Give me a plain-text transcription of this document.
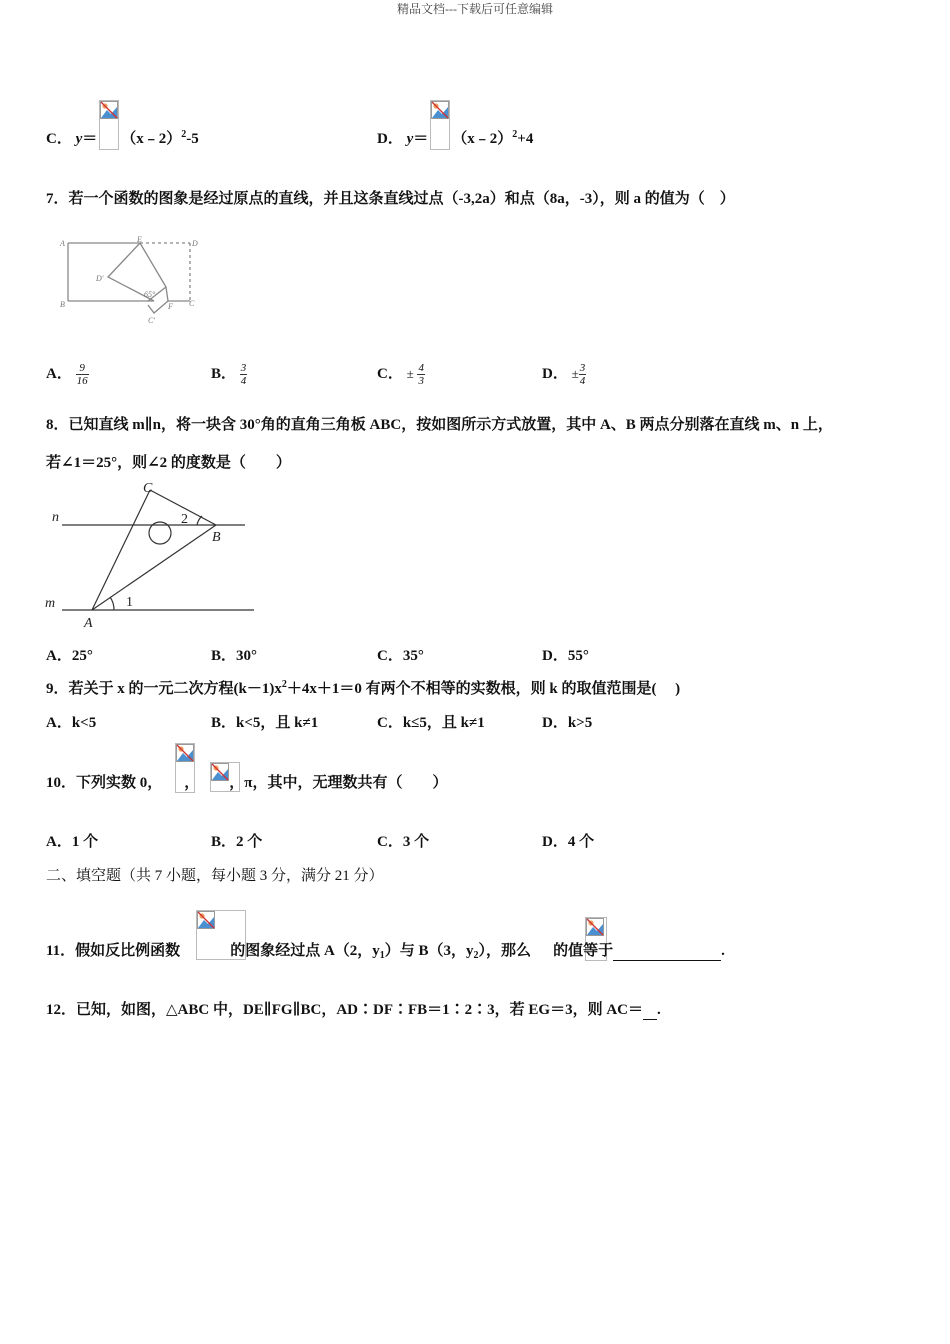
精品文档---下载后可任意编辑
C． y＝ （x﹣2）$^2$-5	D． y＝ （x﹣2）$^2$+4
7．若一个函数的图象是经过原点的直线，并且这条直线过点（-3,2a）和点（8a，-3），则 a 的值为（　）
A	E	D
D'
B	F C
C'
65°
A． $\frac{9}{16}$	B． $\frac{3}{4}$	C． ± $\frac{4}{3}$	D． ± $\frac{3}{4}$
8．已知直线 m∥n，将一块含 30°角的直角三角板 ABC，按如图所示方式放置，其中 A、B 两点分别落在直线 m、n 上，
若∠1＝25°，则∠2 的度数是（　　）
C
n	2
B
m	1
A
A．25°	B．30°	C．35°	D．55°
9．若关于 x 的一元二次方程$(k-1)x^2+4x+1=0$ 有两个不相等的实数根，则 k 的取值范围是(　 )
A．k<5	B．k<5，且 k≠1	C．k≤5，且 k≠1	D．k>5
10．下列实数 0， ， ，π，其中，无理数共有（　　）
A．1 个	B．2 个	C．3 个	D．4 个
二、填空题（共 7 小题，每小题 3 分，满分 21 分）
11．假如反比例函数	的图象经过点 A（2，$y_1$）与 B（3，$y_2$），那么 的值等于	.
12．已知，如图，△ABC 中，DE∥FG∥BC，AD∶DF∶FB＝1∶2∶3，若 EG＝3，则 AC＝ .
